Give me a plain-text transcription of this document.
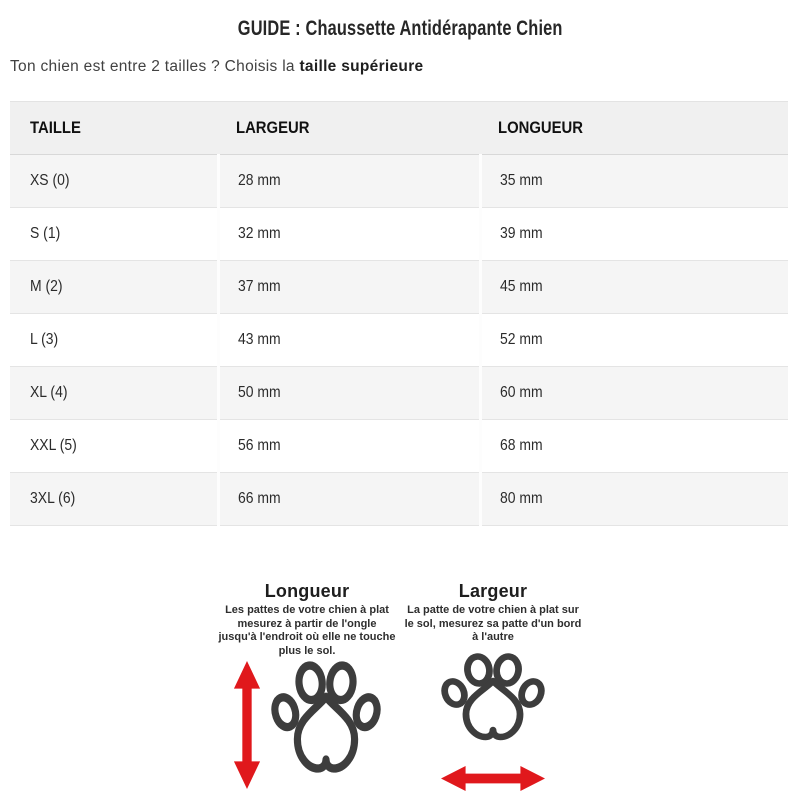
GUIDE : Chaussette Antidérapante Chien

Ton chien est entre 2 tailles ? Choisis la taille supérieure

TAILLE	LARGEUR	LONGUEUR
XS (0)	28 mm	35 mm
S (1)	32 mm	39 mm
M (2)	37 mm	45 mm
L (3)	43 mm	52 mm
XL (4)	50 mm	60 mm
XXL (5)	56 mm	68 mm
3XL (6)	66 mm	80 mm
Longueur

Les pattes de votre chien à plat mesurez à partir de l'ongle jusqu'à l'endroit où elle ne touche plus le sol.

Largeur

La patte de votre chien à plat sur le sol, mesurez sa patte d'un bord à l'autre
